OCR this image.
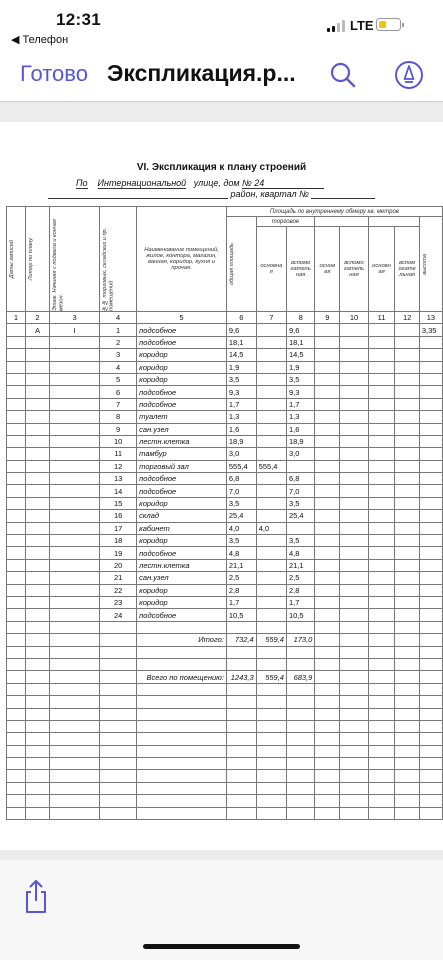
12:31
◀ Телефон
LTE
Готово Экспликация.р...
VI. Экспликация к плану строений
По Интернациональной улице, дом № 24
район, квартал №
Даты записей	Литер по плану	Этаж. Начиная с подвала и кончая мезон.	№№ торговых, складских и пр. помещений	Наименование помещений, жилое, контора, магазин, ванная, коридор, кухня и прочая.	Площадь по внутреннему обмеру кв. метров							

					общая площадь	торговое						высота

						основна я	вспомо гатель ная	основ ая	вспомо гатель ная	основн ая	вспом огате льная	
1	2	3	4	5	6	7	8	9	10	11	12	13
	А	I	1	подсобное	9,6		9,6					3,35
			2	подсобное	18,1		18,1					
			3	коридор	14,5		14,5					
			4	коридор	1,9		1,9					
			5	коридор	3,5		3,5					
			6	подсобное	9,3		9,3					
			7	подсобное	1,7		1,7					
			8	туалет	1,3		1,3					
			9	сан.узел	1,6		1,6					
			10	лестн.клетка	18,9		18,9					
			11	тамбур	3,0		3,0					
			12	торговый зал	555,4	555,4						
			13	подсобное	6,8		6,8					
			14	подсобное	7,0		7,0					
			15	коридор	3,5		3,5					
			16	склад	25,4		25,4					
			17	кабинет	4,0	4,0						
			18	коридор	3,5		3,5					
			19	подсобное	4,8		4,8					
			20	лестн.клетка	21,1		21,1					
			21	сан.узел	2,5		2,5					
			22	коридор	2,8		2,8					
			23	коридор	1,7		1,7					
			24	подсобное	10,5		10,5					

				Итого:	732,4	559,4	173,0					

				Всего по помещению:	1243,3	559,4	683,9					
